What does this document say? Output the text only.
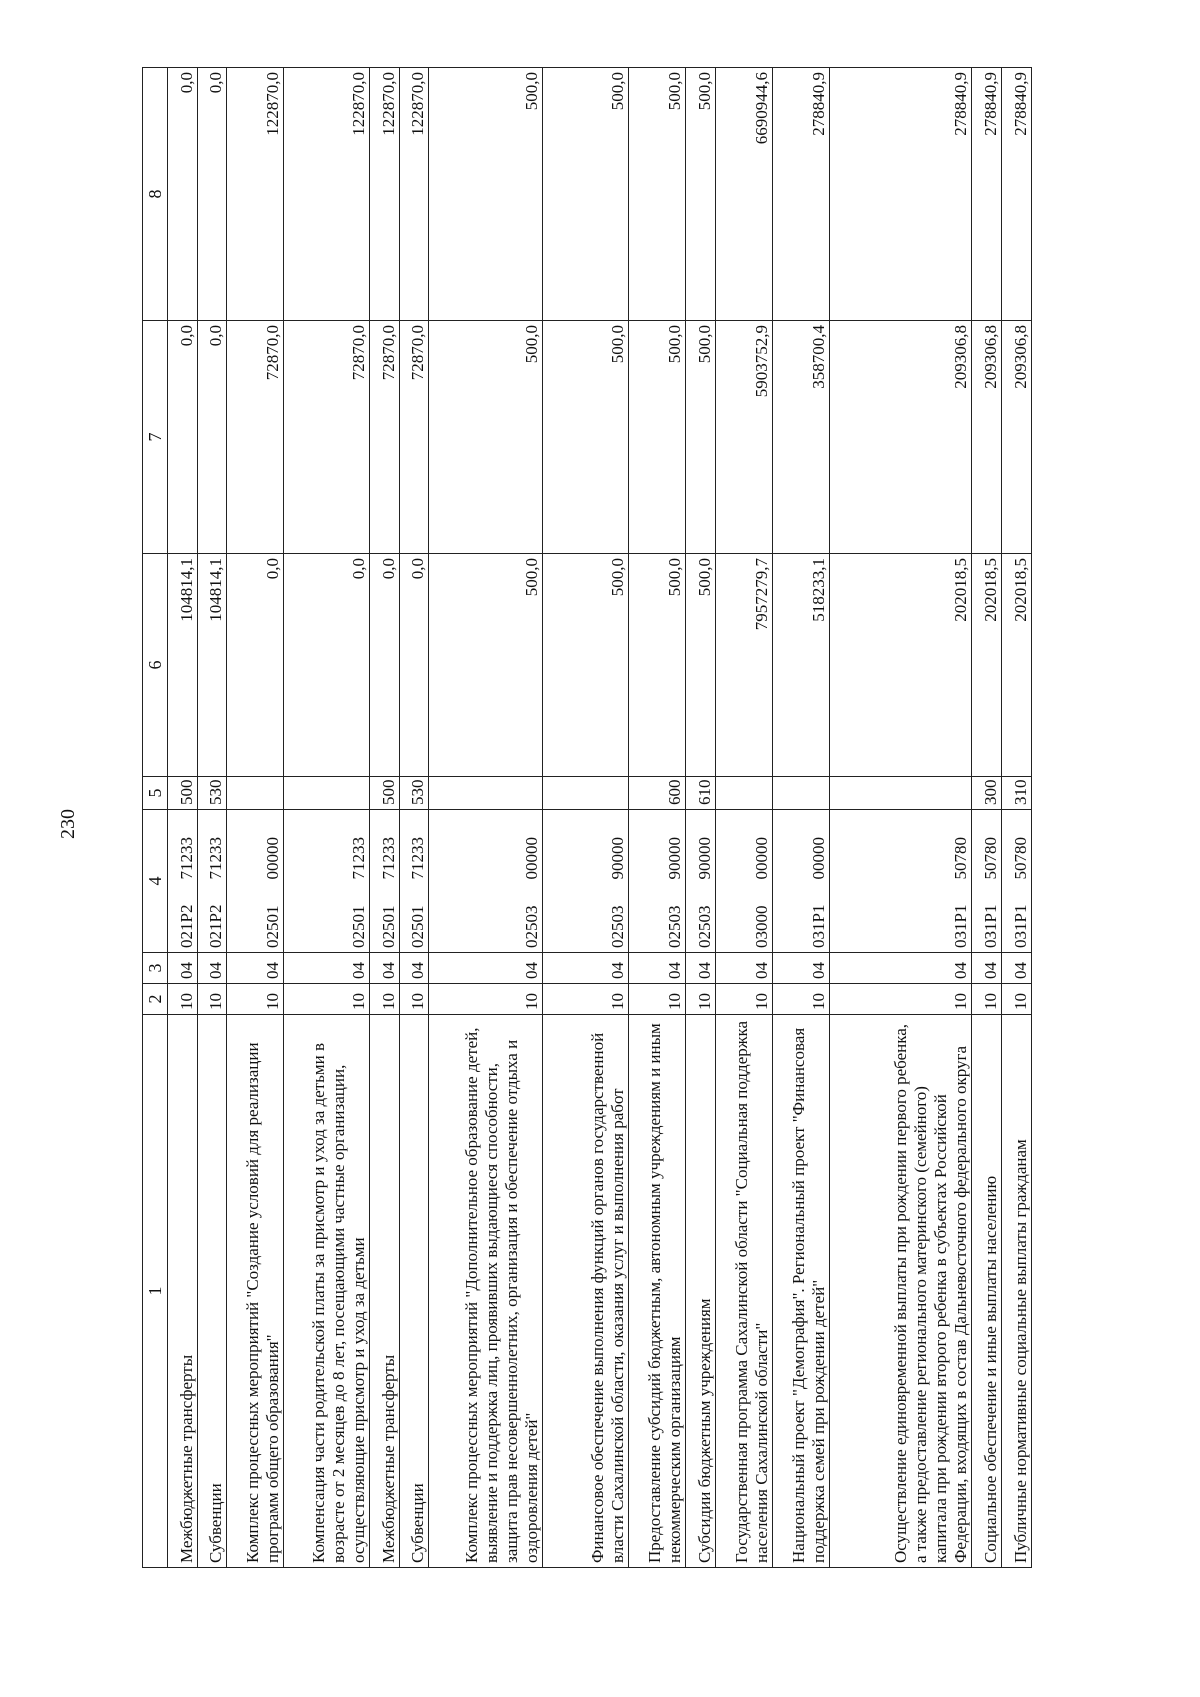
230
1	2	3	4		5	6	7	8
Межбюджетные трансферты	10	04	021P2	71233	500	104814,1	0,0	0,0
Субвенции	10	04	021P2	71233	530	104814,1	0,0	0,0
Комплекс процессных мероприятий "Создание условий для реализации программ общего образования"	10	04	02501	00000		0,0	72870,0	122870,0
Компенсация части родительской платы за присмотр и уход за детьми в возрасте от 2 месяцев до 8 лет, посещающими частные организации, осуществляющие присмотр и уход за детьми	10	04	02501	71233		0,0	72870,0	122870,0
Межбюджетные трансферты	10	04	02501	71233	500	0,0	72870,0	122870,0
Субвенции	10	04	02501	71233	530	0,0	72870,0	122870,0
Комплекс процессных мероприятий "Дополнительное образование детей, выявление и поддержка лиц, проявивших выдающиеся способности, защита прав несовершеннолетних, организация и обеспечение отдыха и оздоровления детей"	10	04	02503	00000		500,0	500,0	500,0
Финансовое обеспечение выполнения функций органов государственной власти Сахалинской области, оказания услуг и выполнения работ	10	04	02503	90000		500,0	500,0	500,0
Предоставление субсидий бюджетным, автономным учреждениям и иным некоммерческим организациям	10	04	02503	90000	600	500,0	500,0	500,0
Субсидии бюджетным учреждениям	10	04	02503	90000	610	500,0	500,0	500,0
Государственная программа Сахалинской области "Социальная поддержка населения Сахалинской области"	10	04	03000	00000		7957279,7	5903752,9	6690944,6
Национальный проект "Демография". Региональный проект "Финансовая поддержка семей при рождении детей"	10	04	031P1	00000		518233,1	358700,4	278840,9
Осуществление единовременной выплаты при рождении первого ребенка, а также предоставление регионального материнского (семейного) капитала при рождении второго ребенка в субъектах Российской Федерации, входящих в состав Дальневосточного федерального округа	10	04	031P1	50780		202018,5	209306,8	278840,9
Социальное обеспечение и иные выплаты населению	10	04	031P1	50780	300	202018,5	209306,8	278840,9
Публичные нормативные социальные выплаты гражданам	10	04	031P1	50780	310	202018,5	209306,8	278840,9
